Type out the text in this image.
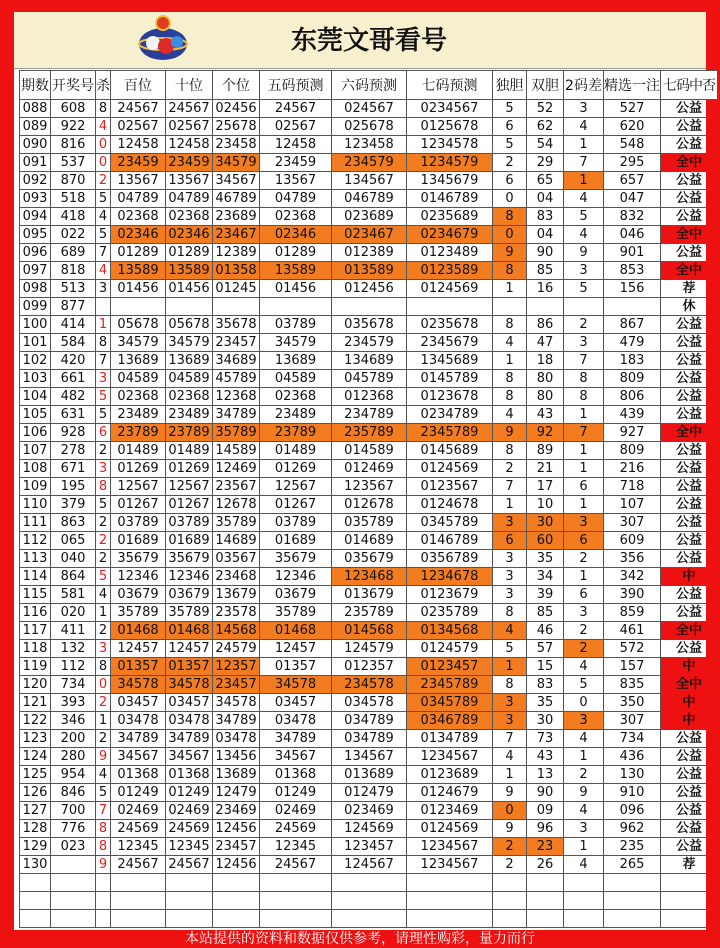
东莞文哥看号
期数	开奖号	杀	百位	十位	个位	五码预测	六码预测	七码预测	独胆	双胆	2码差	精选一注	七码中否
088	608	8	24567	24567	02456	24567	024567	0234567	5	52	3	527	公益
089	922	4	02567	02567	25678	02567	025678	0125678	6	62	4	620	公益
090	816	0	12458	12458	23458	12458	123458	1234578	5	54	1	548	公益
091	537	0	23459	23459	34579	23459	234579	1234579	2	29	7	295	全中
092	870	2	13567	13567	34567	13567	134567	1345679	6	65	1	657	公益
093	518	5	04789	04789	46789	04789	046789	0146789	0	04	4	047	公益
094	418	4	02368	02368	23689	02368	023689	0235689	8	83	5	832	公益
095	022	5	02346	02346	23467	02346	023467	0234679	0	04	4	046	全中
096	689	7	01289	01289	12389	01289	012389	0123489	9	90	9	901	公益
097	818	4	13589	13589	01358	13589	013589	0123589	8	85	3	853	全中
098	513	3	01456	01456	01245	01456	012456	0124569	1	16	5	156	荐
099	877												休
100	414	1	05678	05678	35678	03789	035678	0235678	8	86	2	867	公益
101	584	8	34579	34579	23457	34579	234579	2345679	4	47	3	479	公益
102	420	7	13689	13689	34689	13689	134689	1345689	1	18	7	183	公益
103	661	3	04589	04589	45789	04589	045789	0145789	8	80	8	809	公益
104	482	5	02368	02368	12368	02368	012368	0123678	8	80	8	806	公益
105	631	5	23489	23489	34789	23489	234789	0234789	4	43	1	439	公益
106	928	6	23789	23789	35789	23789	235789	2345789	9	92	7	927	全中
107	278	2	01489	01489	14589	01489	014589	0145689	8	89	1	809	公益
108	671	3	01269	01269	12469	01269	012469	0124569	2	21	1	216	公益
109	195	8	12567	12567	23567	12567	123567	0123567	7	17	6	718	公益
110	379	5	01267	01267	12678	01267	012678	0124678	1	10	1	107	公益
111	863	2	03789	03789	35789	03789	035789	0345789	3	30	3	307	公益
112	065	2	01689	01689	14689	01689	014689	0146789	6	60	6	609	公益
113	040	2	35679	35679	03567	35679	035679	0356789	3	35	2	356	公益
114	864	5	12346	12346	23468	12346	123468	1234678	3	34	1	342	中
115	581	4	03679	03679	13679	03679	013679	0123679	3	39	6	390	公益
116	020	1	35789	35789	23578	35789	235789	0235789	8	85	3	859	公益
117	411	2	01468	01468	14568	01468	014568	0134568	4	46	2	461	全中
118	132	3	12457	12457	24579	12457	124579	0124579	5	57	2	572	公益
119	112	8	01357	01357	12357	01357	012357	0123457	1	15	4	157	中
120	734	0	34578	34578	23457	34578	234578	2345789	8	83	5	835	全中
121	393	2	03457	03457	34578	03457	034578	0345789	3	35	0	350	中
122	346	1	03478	03478	34789	03478	034789	0346789	3	30	3	307	中
123	200	2	34789	34789	03478	34789	034789	0134789	7	73	4	734	公益
124	280	9	34567	34567	13456	34567	134567	1234567	4	43	1	436	公益
125	954	4	01368	01368	13689	01368	013689	0123689	1	13	2	130	公益
126	846	5	01249	01249	12479	01249	012479	0124679	9	90	9	910	公益
127	700	7	02469	02469	23469	02469	023469	0123469	0	09	4	096	公益
128	776	8	24569	24569	12456	24569	124569	0124569	9	96	3	962	公益
129	023	8	12345	12345	23457	12345	123457	1234567	2	23	1	235	公益
130		9	24567	24567	12456	24567	124567	1234567	2	26	4	265	荐

本站提供的资料和数据仅供参考，请理性购彩，量力而行
